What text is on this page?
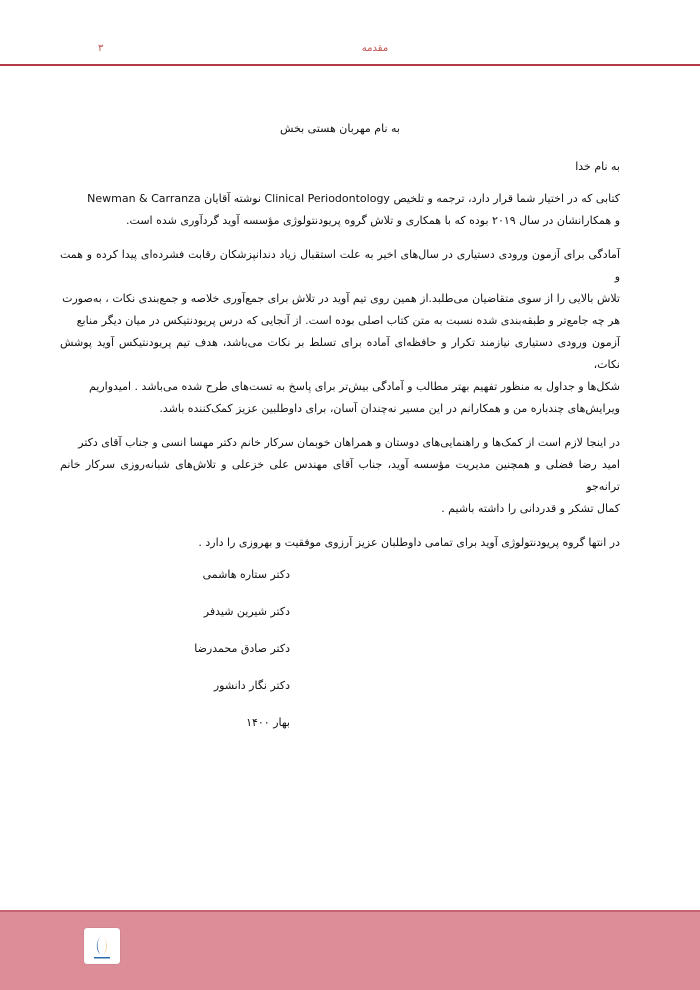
مقدمه
۳
به نام مهربان هستی بخش
به نام خدا

کتابی که در اختیار شما قرار دارد، ترجمه و تلخیص Clinical Periodontology نوشته آقایان Newman & Carranza

و همکارانشان در سال ۲۰۱۹ بوده که با همکاری و تلاش گروه پریودنتولوژی مؤسسه آوید گردآوری شده است.

آمادگی برای آزمون ورودی دستیاری در سال‌های اخیر به علت استقبال زیاد دندانپزشکان رقابت فشرده‌ای پیدا کرده و همت و

تلاش بالایی را از سوی متقاضیان می‌طلبد.از همین روی تیم آوید در تلاش برای جمع‌آوری خلاصه و جمع‌بندی نکات ، به‌صورت

هر چه جامع‌تر و طبقه‌بندی شده نسبت به متن کتاب اصلی بوده است. از آنجایی که درس پریودنتیکس در میان دیگر منابع

آزمون ورودی دستیاری نیازمند تکرار و حافظه‌ای آماده برای تسلط بر نکات می‌باشد، هدف تیم پریودنتیکس آوید پوشش نکات،

شکل‌ها و جداول به منظور تفهیم بهتر مطالب و آمادگی بیش‌تر برای پاسخ به تست‌های طرح شده می‌باشد . امیدواریم

ویرایش‌های چندباره من و همکارانم در این مسیر نه‌چندان آسان، برای داوطلبین عزیز کمک‌کننده باشد.

در اینجا لازم است از کمک‌ها و راهنمایی‌های دوستان و همراهان خوبمان سرکار خانم دکتر مهسا انسی و جناب آقای دکتر

امید رضا فضلی و همچنین مدیریت مؤسسه آوید، جناب آقای مهندس علی خزعلی و تلاش‌های شبانه‌روزی سرکار خانم ترانه‌جو

کمال تشکر و قدردانی را داشته باشیم .

در انتها گروه پریودنتولوژی آوید برای تمامی داوطلبان عزیز آرزوی موفقیت و بهروزی را دارد .

دکتر ستاره هاشمی
دکتر شیرین شیدفر
دکتر صادق محمدرضا
دکتر نگار دانشور
بهار ۱۴۰۰
